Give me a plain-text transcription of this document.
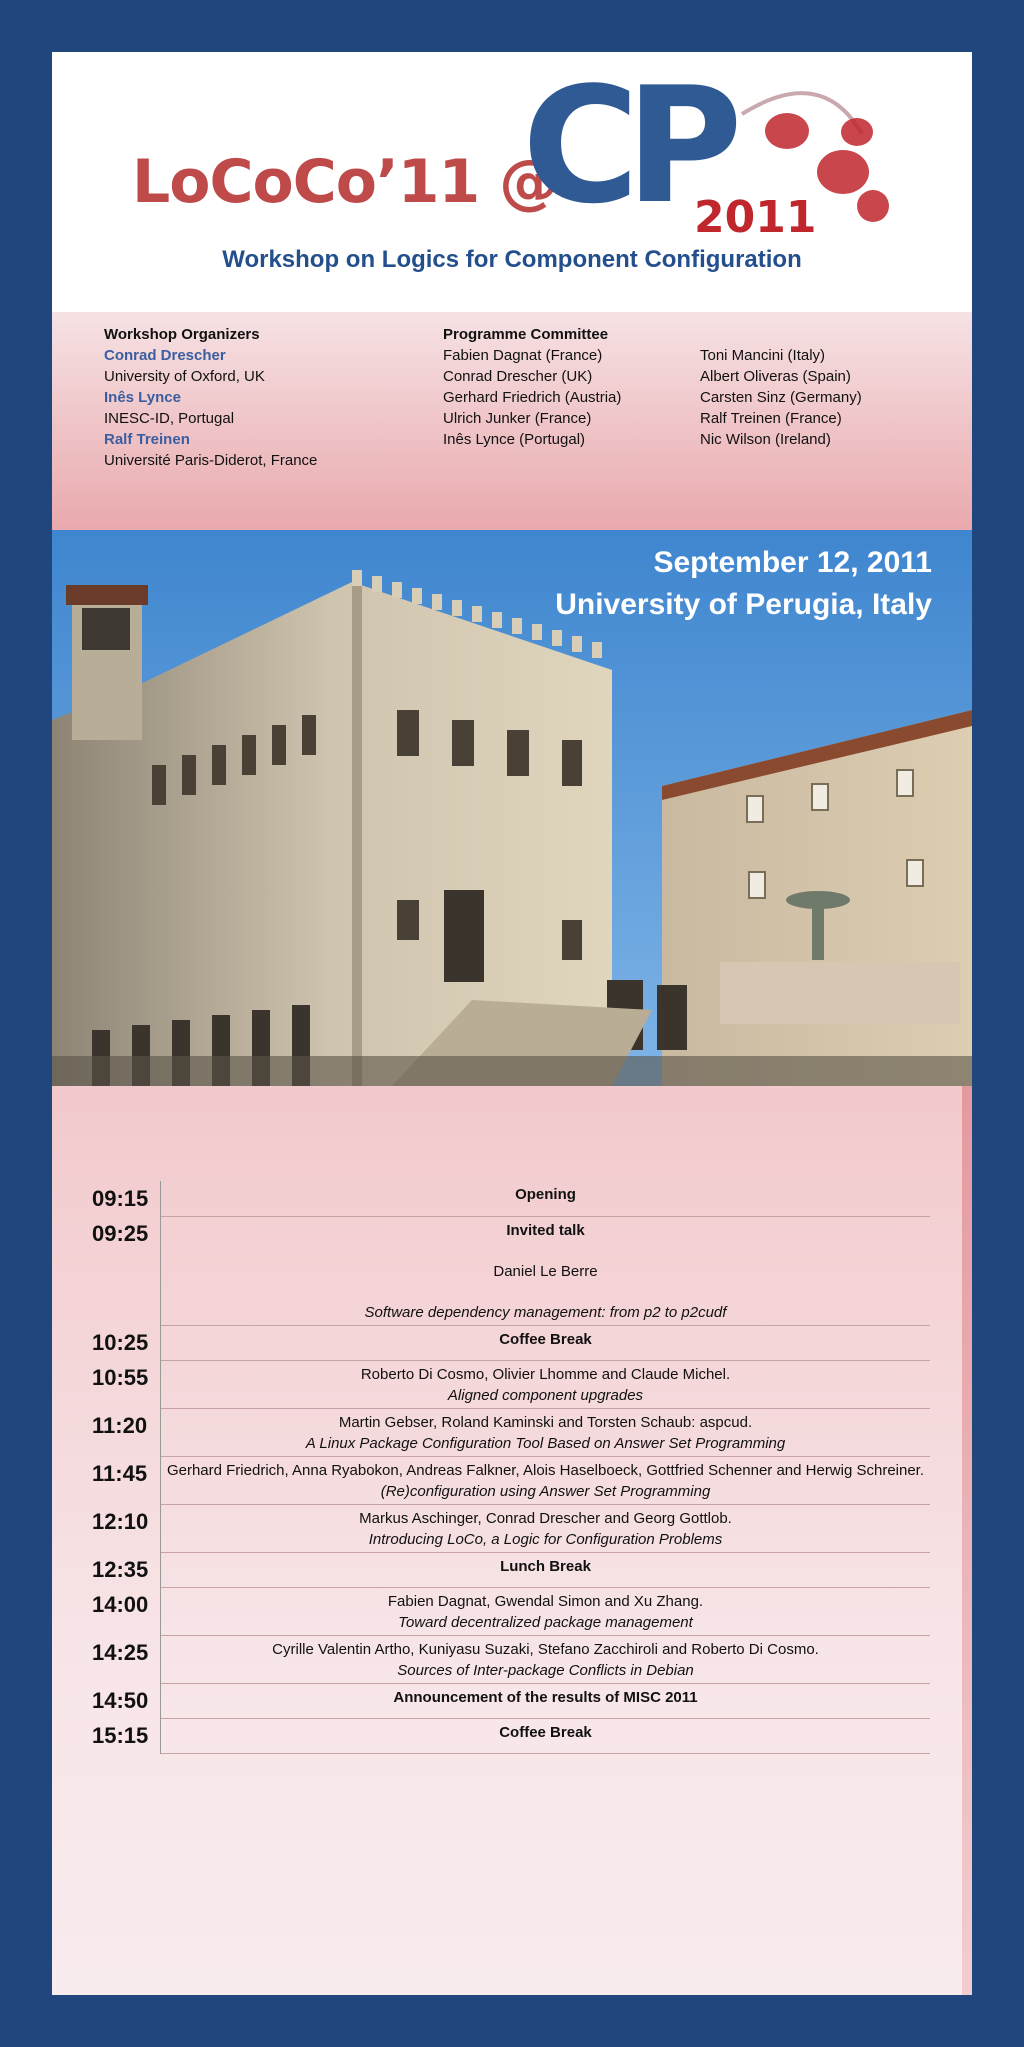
LoCoCo’11 @
CP
2011
Workshop on Logics for Component Configuration
Workshop Organizers
Conrad Drescher
University of Oxford, UK
Inês Lynce
INESC-ID, Portugal
Ralf Treinen
Université Paris-Diderot, France
Programme Committee
Fabien Dagnat (France)
Conrad Drescher (UK)
Gerhard Friedrich (Austria)
Ulrich Junker (France)
Inês Lynce (Portugal)
Toni Mancini (Italy)
Albert Oliveras (Spain)
Carsten Sinz (Germany)
Ralf Treinen (France)
Nic Wilson (Ireland)
September 12, 2011
University of Perugia, Italy
09:15	Opening

09:25	Invited talk
Daniel Le Berre
Software dependency management: from p2 to p2cudf

10:25	Coffee Break

10:55	Roberto Di Cosmo, Olivier Lhomme and Claude Michel.
Aligned component upgrades

11:20	Martin Gebser, Roland Kaminski and Torsten Schaub: aspcud.
A Linux Package Configuration Tool Based on Answer Set Programming

11:45	Gerhard Friedrich, Anna Ryabokon, Andreas Falkner, Alois Haselboeck, Gottfried Schenner and Herwig Schreiner.
(Re)configuration using Answer Set Programming

12:10	Markus Aschinger, Conrad Drescher and Georg Gottlob.
Introducing LoCo, a Logic for Configuration Problems

12:35	Lunch Break

14:00	Fabien Dagnat, Gwendal Simon and Xu Zhang.
Toward decentralized package management

14:25	Cyrille Valentin Artho, Kuniyasu Suzaki, Stefano Zacchiroli and Roberto Di Cosmo.
Sources of Inter-package Conflicts in Debian

14:50	Announcement of the results of MISC 2011

15:15	Coffee Break
